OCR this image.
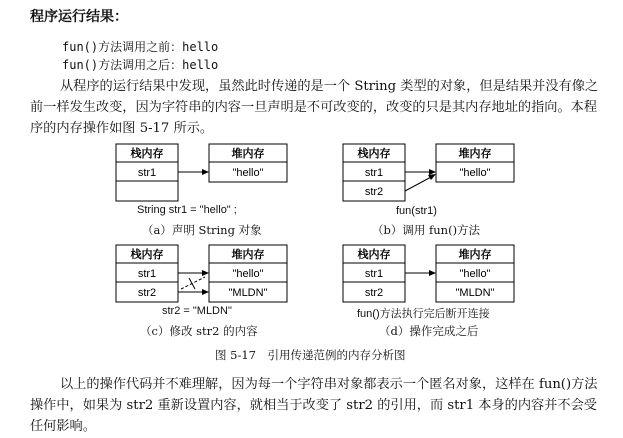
程序运行结果：
fun()方法调用之前：hello
fun()方法调用之后：hello
从程序的运行结果中发现，虽然此时传递的是一个 String 类型的对象，但是结果并没有像之前一样发生改变，因为字符串的内容一旦声明是不可改变的，改变的只是其内存地址的指向。本程序的内存操作如图 5-17 所示。
栈内存
str1
堆内存
"hello"
String str1 = "hello" ;
（a）声明 String 对象
栈内存
str1
str2
堆内存
"hello"
fun(str1)
（b）调用 fun()方法
栈内存
str1
str2
堆内存
"hello"
"MLDN"
str2 = "MLDN"
（c）修改 str2 的内容
栈内存
str1
str2
堆内存
"hello"
"MLDN"
fun()方法执行完后断开连接
（d）操作完成之后
图 5-17　引用传递范例的内存分析图
以上的操作代码并不难理解，因为每一个字符串对象都表示一个匿名对象，这样在 fun()方法操作中，如果为 str2 重新设置内容，就相当于改变了 str2 的引用，而 str1 本身的内容并不会受任何影响。
